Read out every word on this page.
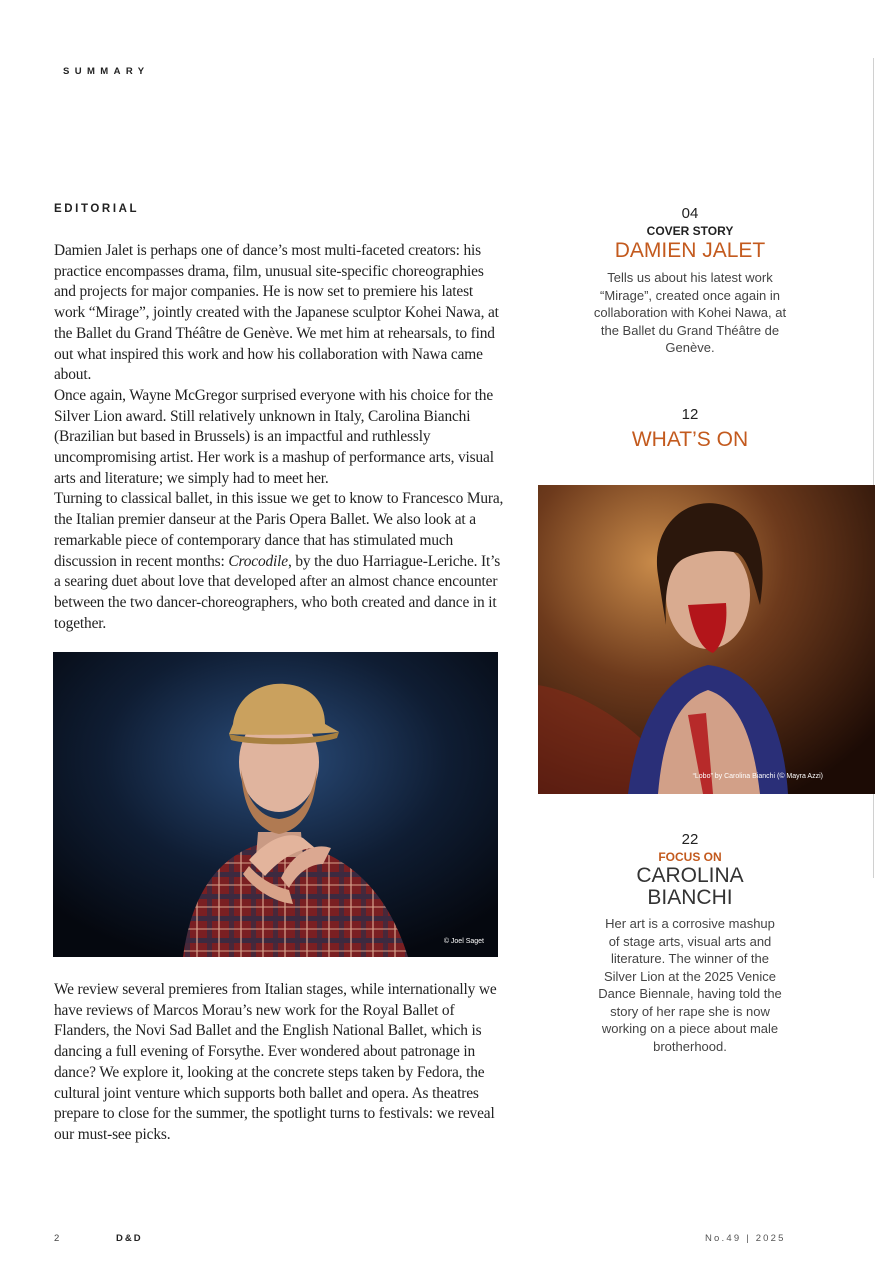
SUMMARY
EDITORIAL

Damien Jalet is perhaps one of dance’s most multi-faceted creators: his practice encompasses drama, film, unusual site-specific choreographies and projects for major companies. He is now set to premiere his latest work “Mirage”, jointly created with the Japanese sculptor Kohei Nawa, at the Ballet du Grand Théâtre de Genève. We met him at rehearsals, to find out what inspired this work and how his collaboration with Nawa came about.

Once again, Wayne McGregor surprised everyone with his choice for the Silver Lion award. Still relatively unknown in Italy, Carolina Bianchi (Brazilian but based in Brussels) is an impactful and ruthlessly uncompromising artist. Her work is a mashup of performance arts, visual arts and literature; we simply had to meet her.

Turning to classical ballet, in this issue we get to know to Francesco Mura, the Italian premier danseur at the Paris Opera Ballet. We also look at a remarkable piece of contemporary dance that has stimulated much discussion in recent months: Crocodile, by the duo Harriague-Leriche. It’s a searing duet about love that developed after an almost chance encounter between the two dancer-choreographers, who both created and dance in it together.

© Joel Saget

We review several premieres from Italian stages, while internationally we have reviews of Marcos Morau’s new work for the Royal Ballet of Flanders, the Novi Sad Ballet and the English National Ballet, which is dancing a full evening of Forsythe. Ever wondered about patronage in dance? We explore it, looking at the concrete steps taken by Fedora, the cultural joint venture which supports both ballet and opera. As theatres prepare to close for the summer, the spotlight turns to festivals: we reveal our must-see picks.

04
COVER STORY
DAMIEN JALET
Tells us about his latest work “Mirage”, created once again in collaboration with Kohei Nawa, at the Ballet du Grand Théâtre de Genève.
12
WHAT’S ON
“Lobo” by Carolina Bianchi (© Mayra Azzi)
22
FOCUS ON
CAROLINA
BIANCHI
Her art is a corrosive mashup of stage arts, visual arts and literature. The winner of the Silver Lion at the 2025 Venice Dance Biennale, having told the story of her rape she is now working on a piece about male brotherhood.
2	D&D	No.49 | 2025
